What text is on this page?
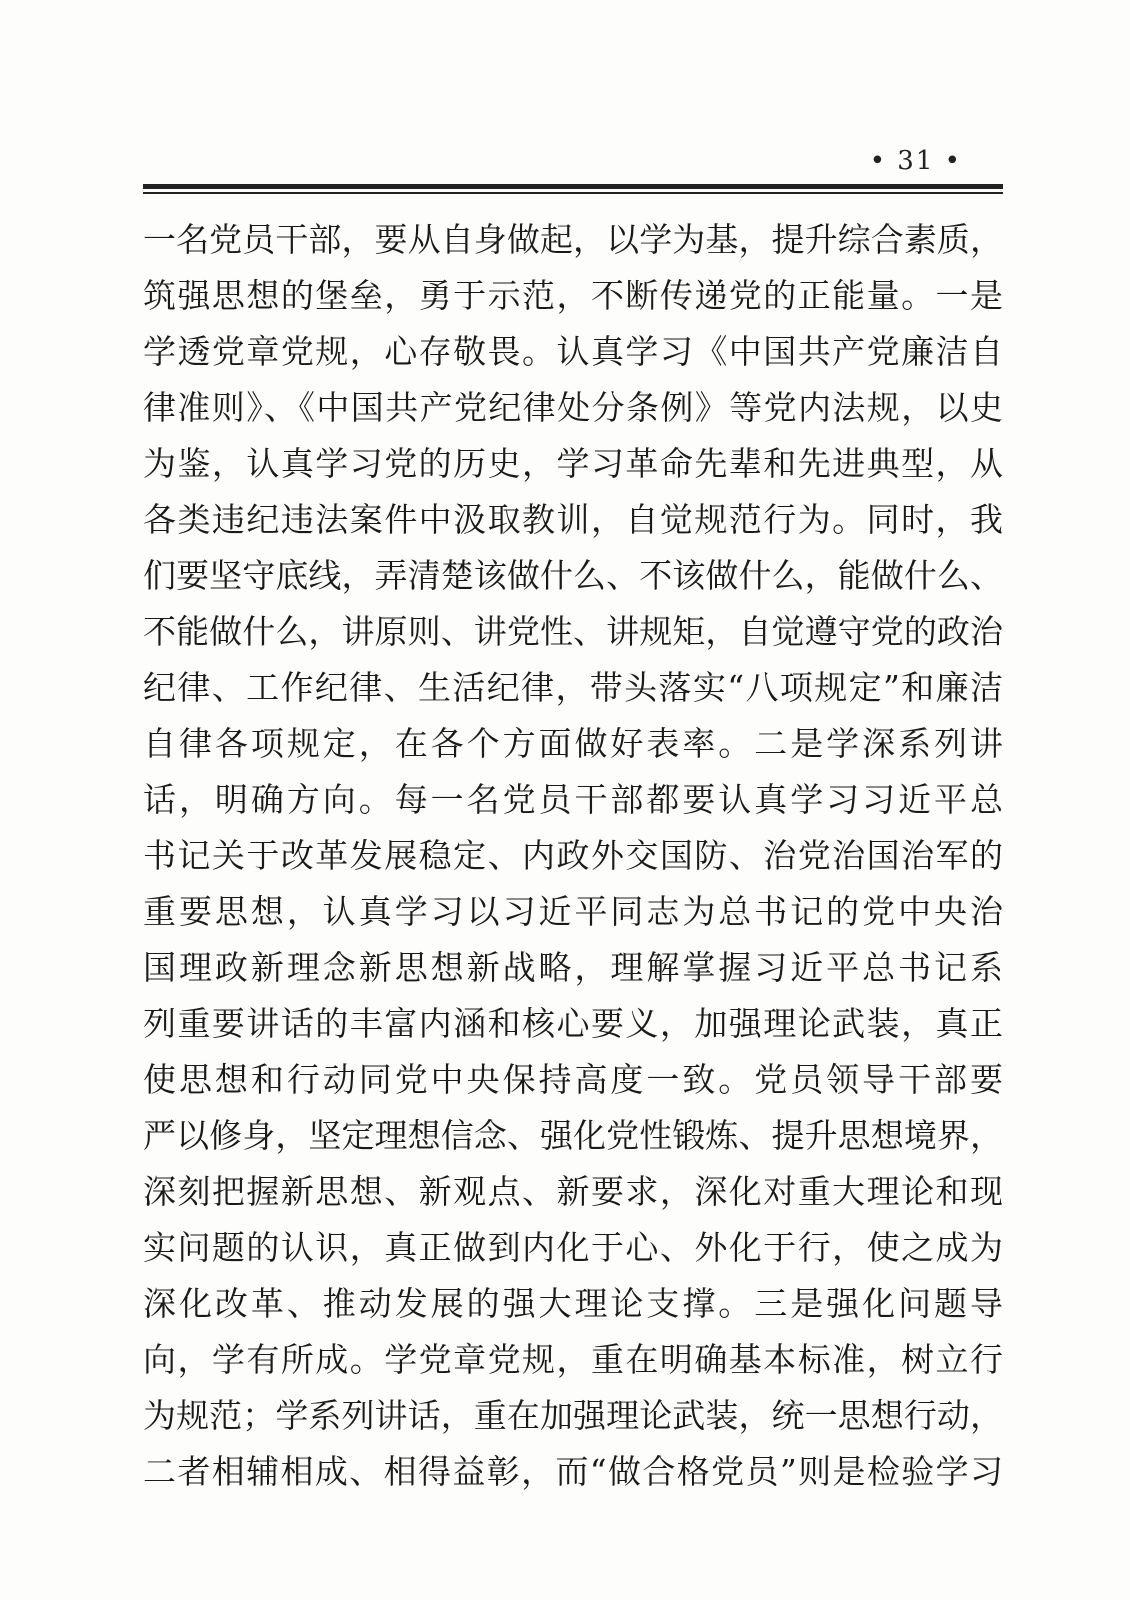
• 31 •
一名党员干部，要从自身做起，以学为基，提升综合素质，
筑强思想的堡垒，勇于示范，不断传递党的正能量。一是
学透党章党规，心存敬畏。认真学习《中国共产党廉洁自
律准则》、《中国共产党纪律处分条例》等党内法规，以史
为鉴，认真学习党的历史，学习革命先辈和先进典型，从
各类违纪违法案件中汲取教训，自觉规范行为。同时，我
们要坚守底线，弄清楚该做什么、不该做什么，能做什么、
不能做什么，讲原则、讲党性、讲规矩，自觉遵守党的政治
纪律、工作纪律、生活纪律，带头落实“八项规定”和廉洁
自律各项规定，在各个方面做好表率。二是学深系列讲
话，明确方向。每一名党员干部都要认真学习习近平总
书记关于改革发展稳定、内政外交国防、治党治国治军的
重要思想，认真学习以习近平同志为总书记的党中央治
国理政新理念新思想新战略，理解掌握习近平总书记系
列重要讲话的丰富内涵和核心要义，加强理论武装，真正
使思想和行动同党中央保持高度一致。党员领导干部要
严以修身，坚定理想信念、强化党性锻炼、提升思想境界，
深刻把握新思想、新观点、新要求，深化对重大理论和现
实问题的认识，真正做到内化于心、外化于行，使之成为
深化改革、推动发展的强大理论支撑。三是强化问题导
向，学有所成。学党章党规，重在明确基本标准，树立行
为规范；学系列讲话，重在加强理论武装，统一思想行动，
二者相辅相成、相得益彰，而“做合格党员”则是检验学习
